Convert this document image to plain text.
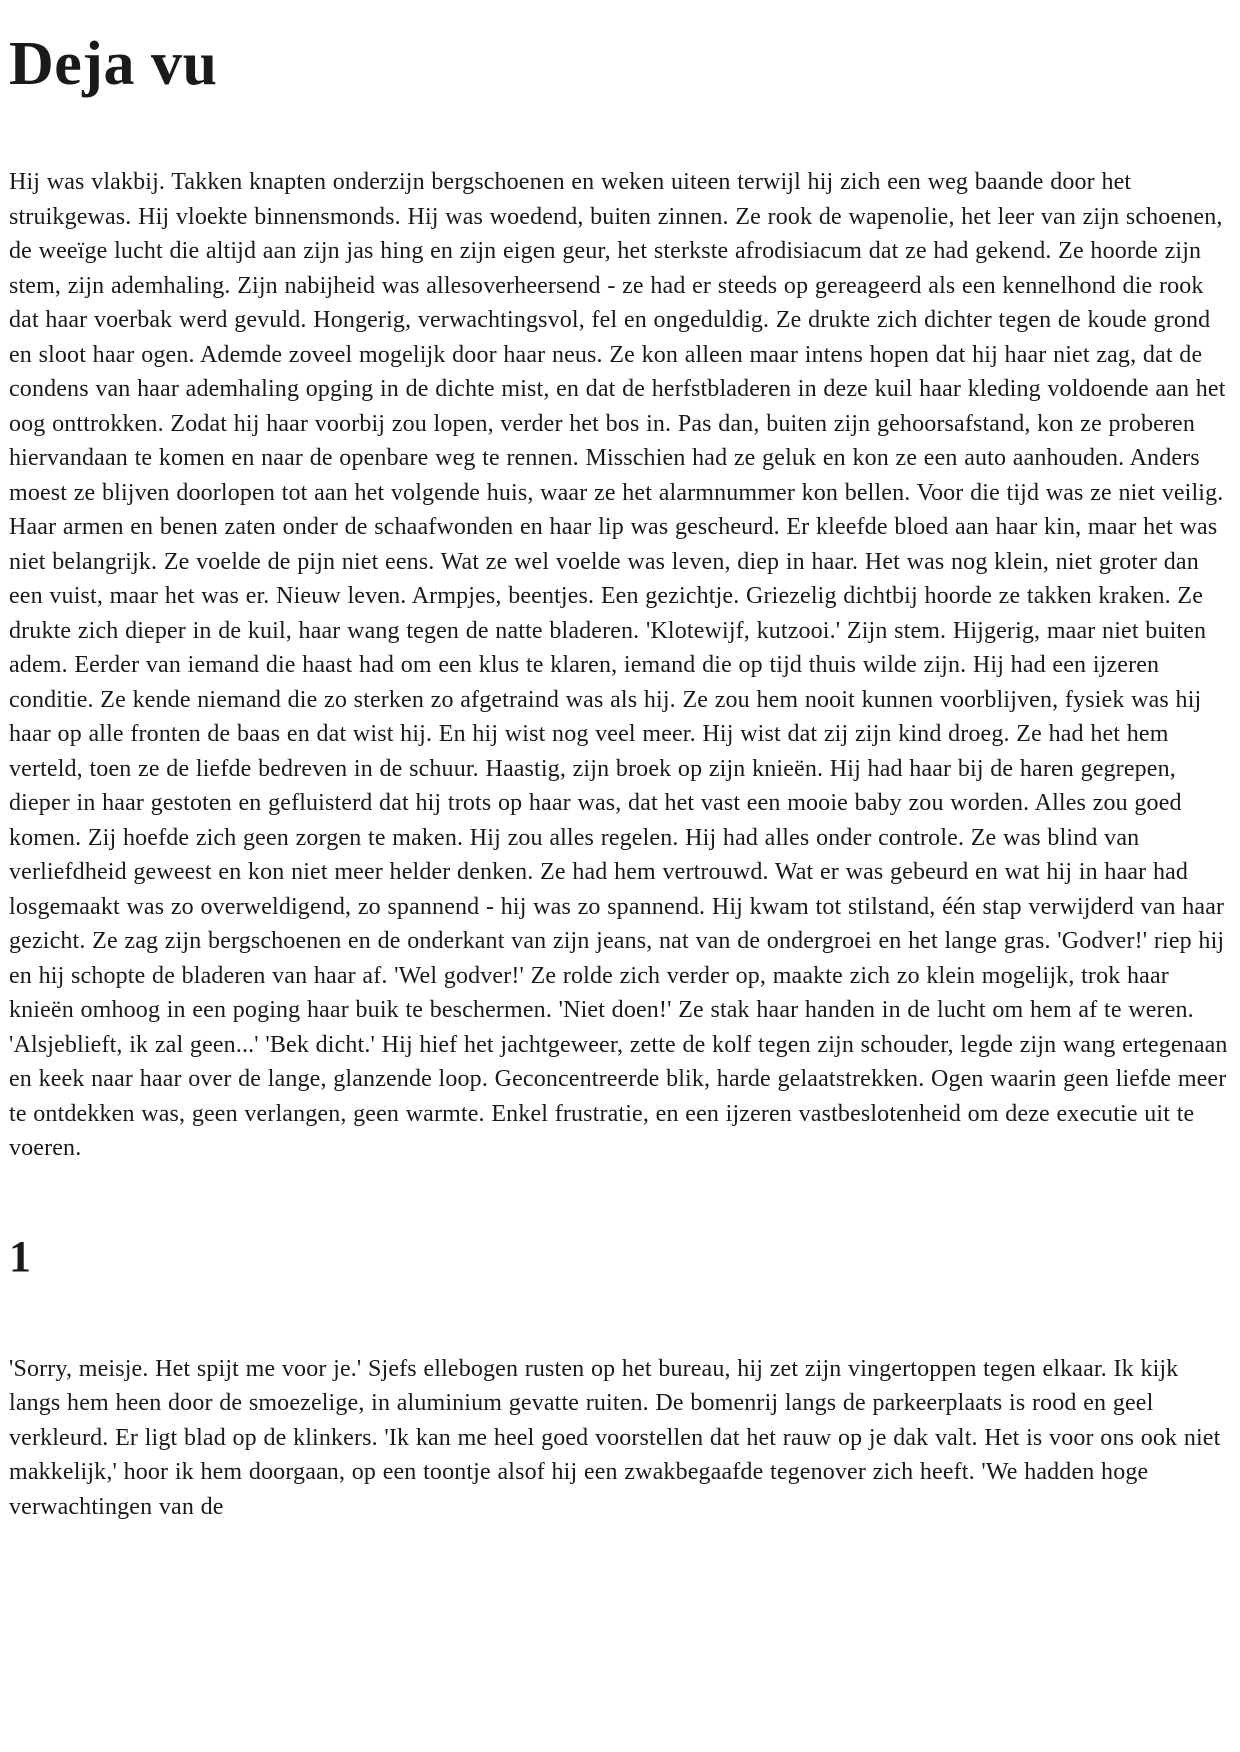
Deja vu

Hij was vlakbij. Takken knapten onderzijn bergschoenen en weken uiteen terwijl hij zich een weg baande door het struikgewas. Hij vloekte binnensmonds. Hij was woedend, buiten zinnen. Ze rook de wapenolie, het leer van zijn schoenen, de weeïge lucht die altijd aan zijn jas hing en zijn eigen geur, het sterkste afrodisiacum dat ze had gekend. Ze hoorde zijn stem, zijn ademhaling. Zijn nabijheid was allesoverheersend - ze had er steeds op gereageerd als een kennelhond die rook dat haar voerbak werd gevuld. Hongerig, verwachtingsvol, fel en ongeduldig. Ze drukte zich dichter tegen de koude grond en sloot haar ogen. Ademde zoveel mogelijk door haar neus. Ze kon alleen maar intens hopen dat hij haar niet zag, dat de condens van haar ademhaling opging in de dichte mist, en dat de herfstbladeren in deze kuil haar kleding voldoende aan het oog onttrokken. Zodat hij haar voorbij zou lopen, verder het bos in. Pas dan, buiten zijn gehoorsafstand, kon ze proberen hiervandaan te komen en naar de openbare weg te rennen. Misschien had ze geluk en kon ze een auto aanhouden. Anders moest ze blijven doorlopen tot aan het volgende huis, waar ze het alarmnummer kon bellen. Voor die tijd was ze niet veilig. Haar armen en benen zaten onder de schaafwonden en haar lip was gescheurd. Er kleefde bloed aan haar kin, maar het was niet belangrijk. Ze voelde de pijn niet eens. Wat ze wel voelde was leven, diep in haar. Het was nog klein, niet groter dan een vuist, maar het was er. Nieuw leven. Armpjes, beentjes. Een gezichtje. Griezelig dichtbij hoorde ze takken kraken. Ze drukte zich dieper in de kuil, haar wang tegen de natte bladeren. 'Klotewijf, kutzooi.' Zijn stem. Hijgerig, maar niet buiten adem. Eerder van iemand die haast had om een klus te klaren, iemand die op tijd thuis wilde zijn. Hij had een ijzeren conditie. Ze kende niemand die zo sterken zo afgetraind was als hij. Ze zou hem nooit kunnen voorblijven, fysiek was hij haar op alle fronten de baas en dat wist hij. En hij wist nog veel meer. Hij wist dat zij zijn kind droeg. Ze had het hem verteld, toen ze de liefde bedreven in de schuur. Haastig, zijn broek op zijn knieën. Hij had haar bij de haren gegrepen, dieper in haar gestoten en gefluisterd dat hij trots op haar was, dat het vast een mooie baby zou worden. Alles zou goed komen. Zij hoefde zich geen zorgen te maken. Hij zou alles regelen. Hij had alles onder controle. Ze was blind van verliefdheid geweest en kon niet meer helder denken. Ze had hem vertrouwd. Wat er was gebeurd en wat hij in haar had losgemaakt was zo overweldigend, zo spannend - hij was zo spannend. Hij kwam tot stilstand, één stap verwijderd van haar gezicht. Ze zag zijn bergschoenen en de onderkant van zijn jeans, nat van de ondergroei en het lange gras. 'Godver!' riep hij en hij schopte de bladeren van haar af. 'Wel godver!' Ze rolde zich verder op, maakte zich zo klein mogelijk, trok haar knieën omhoog in een poging haar buik te beschermen. 'Niet doen!' Ze stak haar handen in de lucht om hem af te weren. 'Alsjeblieft, ik zal geen...' 'Bek dicht.' Hij hief het jachtgeweer, zette de kolf tegen zijn schouder, legde zijn wang ertegenaan en keek naar haar over de lange, glanzende loop. Geconcentreerde blik, harde gelaatstrekken. Ogen waarin geen liefde meer te ontdekken was, geen verlangen, geen warmte. Enkel frustratie, en een ijzeren vastbeslotenheid om deze executie uit te voeren.

1

'Sorry, meisje. Het spijt me voor je.' Sjefs ellebogen rusten op het bureau, hij zet zijn vingertoppen tegen elkaar. Ik kijk langs hem heen door de smoezelige, in aluminium gevatte ruiten. De bomenrij langs de parkeerplaats is rood en geel verkleurd. Er ligt blad op de klinkers. 'Ik kan me heel goed voorstellen dat het rauw op je dak valt. Het is voor ons ook niet makkelijk,' hoor ik hem doorgaan, op een toontje alsof hij een zwakbegaafde tegenover zich heeft. 'We hadden hoge verwachtingen van de
